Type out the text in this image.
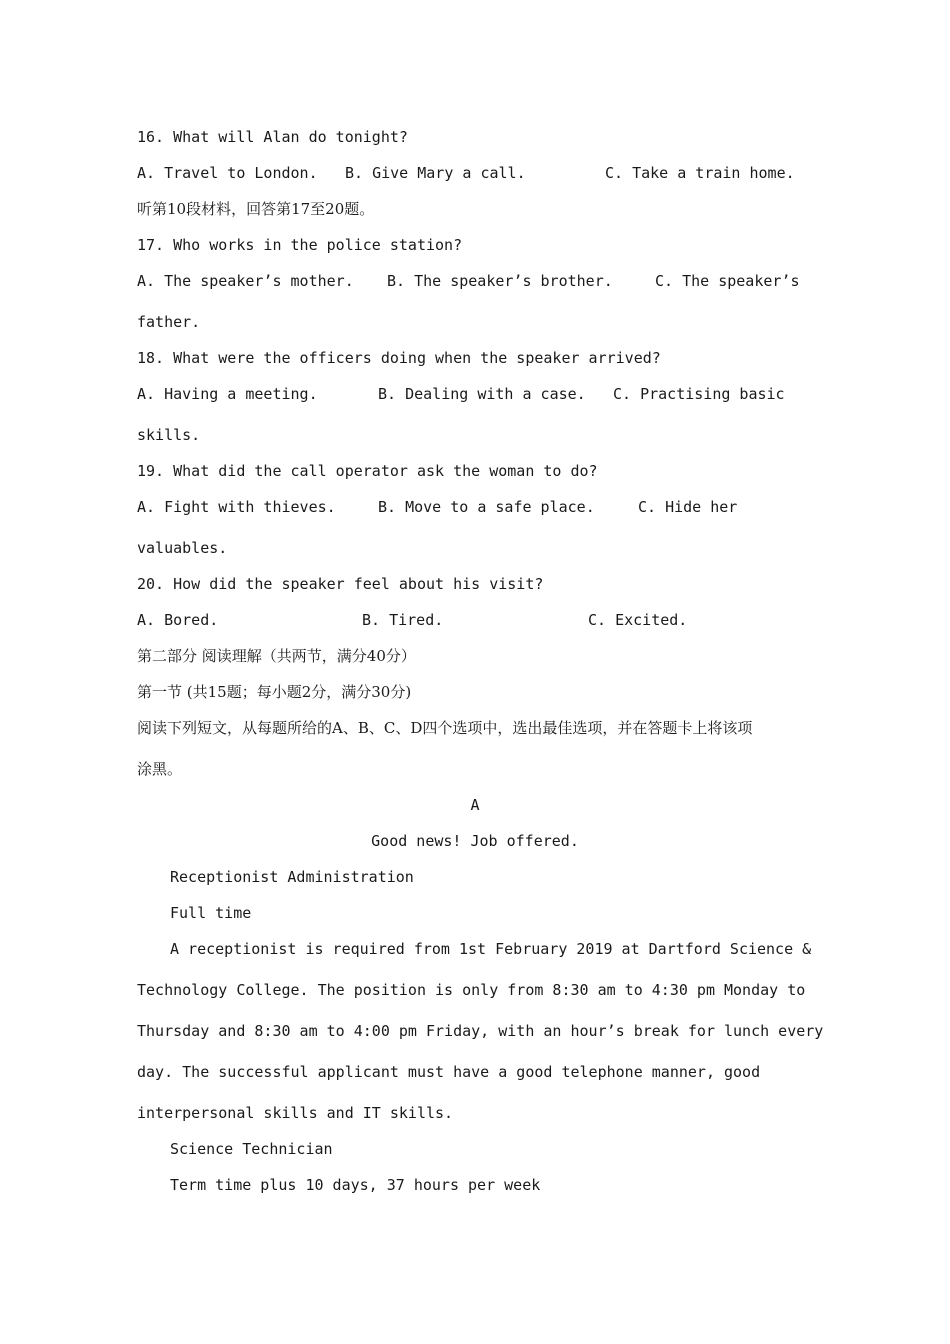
16. What will Alan do tonight?
A. Travel to London. B. Give Mary a call.	C. Take a train home.
听第10段材料，回答第17至20题。
17. Who works in the police station?
A. The speaker’s mother. B. The speaker’s brother.	C. The speaker’s
father.
18. What were the officers doing when the speaker arrived?
A. Having a meeting.	B. Dealing with a case. C. Practising basic
skills.
19. What did the call operator ask the woman to do?
A. Fight with thieves.	B. Move to a safe place.	C. Hide her
valuables.
20. How did the speaker feel about his visit?
A. Bored.	B. Tired.	C. Excited.
第二部分 阅读理解（共两节，满分40分）
第一节 (共15题；每小题2分，满分30分)
阅读下列短文，从每题所给的A、B、C、D四个选项中，选出最佳选项，并在答题卡上将该项
涂黑。
A
Good news! Job offered.
Receptionist Administration
Full time
A receptionist is required from 1st February 2019 at Dartford Science &
Technology College. The position is only from 8:30 am to 4:30 pm Monday to
Thursday and 8:30 am to 4:00 pm Friday, with an hour’s break for lunch every
day. The successful applicant must have a good telephone manner, good
interpersonal skills and IT skills.
Science Technician
Term time plus 10 days, 37 hours per week
